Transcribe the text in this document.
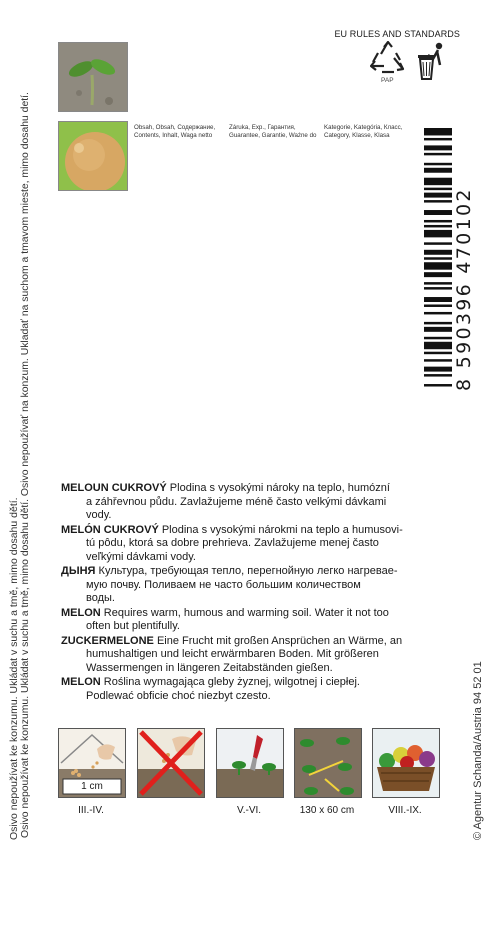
Osivo nepoužívat ke konzumu. Ukládat v suchu a tmě, mimo dosahu dětí. Osivo nepoužívat ke konzumu. Ukládat v suchu a tmě, mimo dosahu dětí. Osivo nepoužívať na konzum. Ukladať na suchom a tmavom mieste, mimo dosahu detí.	© Agentur Schanda/Austria 94 52 01
EU RULES AND STANDARDS
PAP
Obsah, Obsah, Содержание,
Contents, Inhalt, Waga netto
Záruka, Exp., Гарантия,
Guarantee, Garantie, Ważne do
Kategorie, Kategória, Класс,
Category, Klasse, Klasa
8 590396 470102
MELOUN CUKROVÝ Plodina s vysokými nároky na teplo, humózní
a záhřevnou půdu. Zavlažujeme méně často velkými dávkami
vody.
MELÓN CUKROVÝ Plodina s vysokými nárokmi na teplo a humusovi-
tú pôdu, ktorá sa dobre prehrieva. Zavlažujeme menej často
veľkými dávkami vody.
ДЫНЯ Культура, требующая тепло, перегнойную легко нагревае-
мую почву. Поливаем не часто большим количеством
воды.
MELON Requires warm, humous and warming soil. Water it not too
often but plentifully.
ZUCKERMELONE Eine Frucht mit großen Ansprüchen an Wärme, an
humushaltigen und leicht erwärmbaren Boden. Mit größeren
Wassermengen in längeren Zeitabständen gießen.
MELON Roślina wymagająca gleby żyznej, wilgotnej i ciepłej.
Podlewać obficie choć niezbyt czesto.
1 cm
III.-IV.	V.-VI.	130 x 60 cm	VIII.-IX.
